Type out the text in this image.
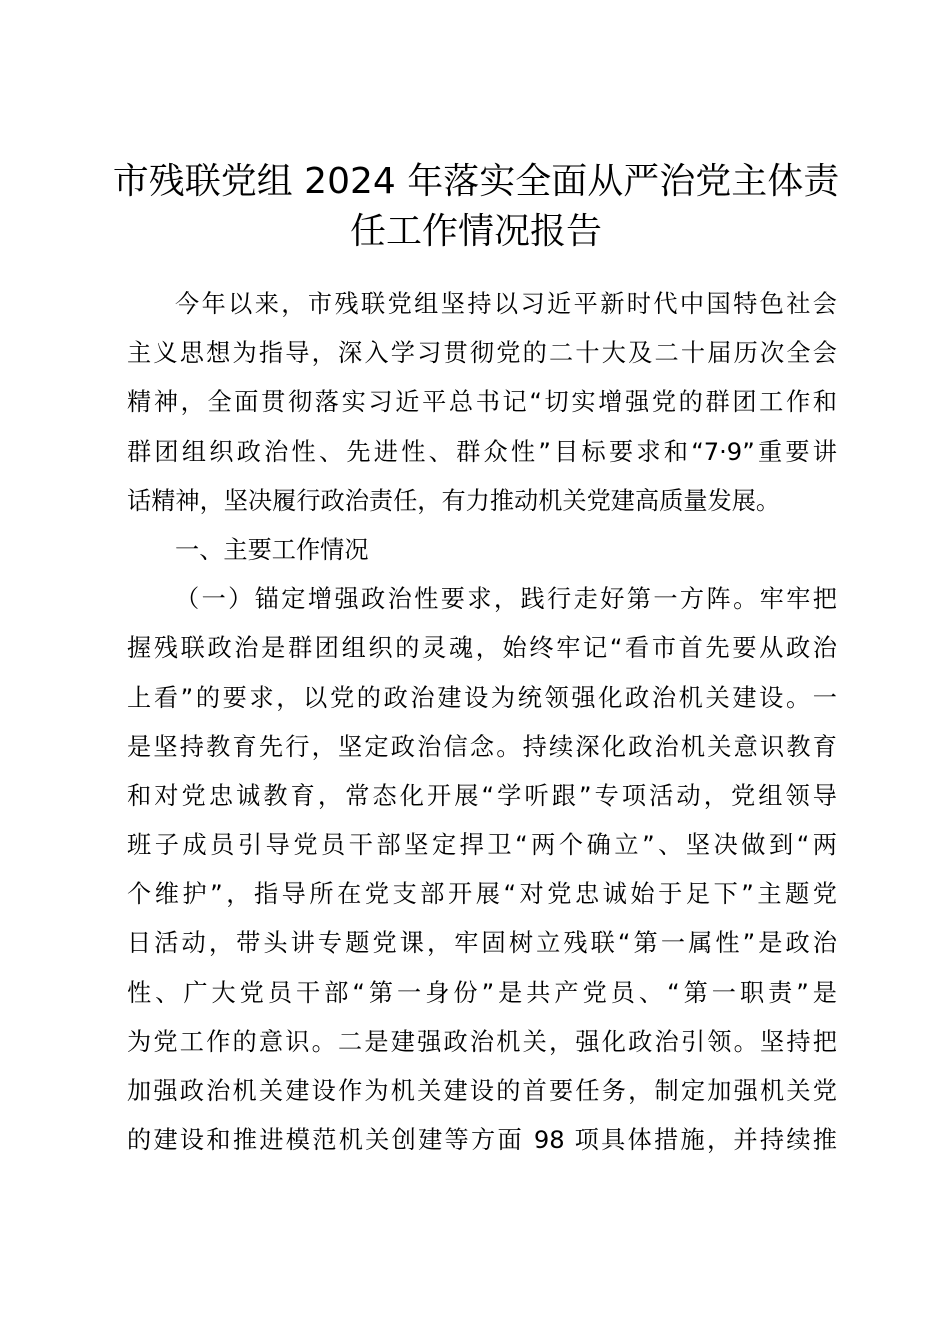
市残联党组 2024 年落实全面从严治党主体责
任工作情况报告
今年以来，市残联党组坚持以习近平新时代中国特色社会
主义思想为指导，深入学习贯彻党的二十大及二十届历次全会
精神，全面贯彻落实习近平总书记“切实增强党的群团工作和
群团组织政治性、先进性、群众性”目标要求和“7·9”重要讲
话精神，坚决履行政治责任，有力推动机关党建高质量发展。
一、主要工作情况
（一）锚定增强政治性要求，践行走好第一方阵。牢牢把
握残联政治是群团组织的灵魂，始终牢记“看市首先要从政治
上看”的要求，以党的政治建设为统领强化政治机关建设。一
是坚持教育先行，坚定政治信念。持续深化政治机关意识教育
和对党忠诚教育，常态化开展“学听跟”专项活动，党组领导
班子成员引导党员干部坚定捍卫“两个确立”、坚决做到“两
个维护”，指导所在党支部开展“对党忠诚始于足下”主题党
日活动，带头讲专题党课，牢固树立残联“第一属性”是政治
性、广大党员干部“第一身份”是共产党员、“第一职责”是
为党工作的意识。二是建强政治机关，强化政治引领。坚持把
加强政治机关建设作为机关建设的首要任务，制定加强机关党
的建设和推进模范机关创建等方面 98 项具体措施，并持续推
